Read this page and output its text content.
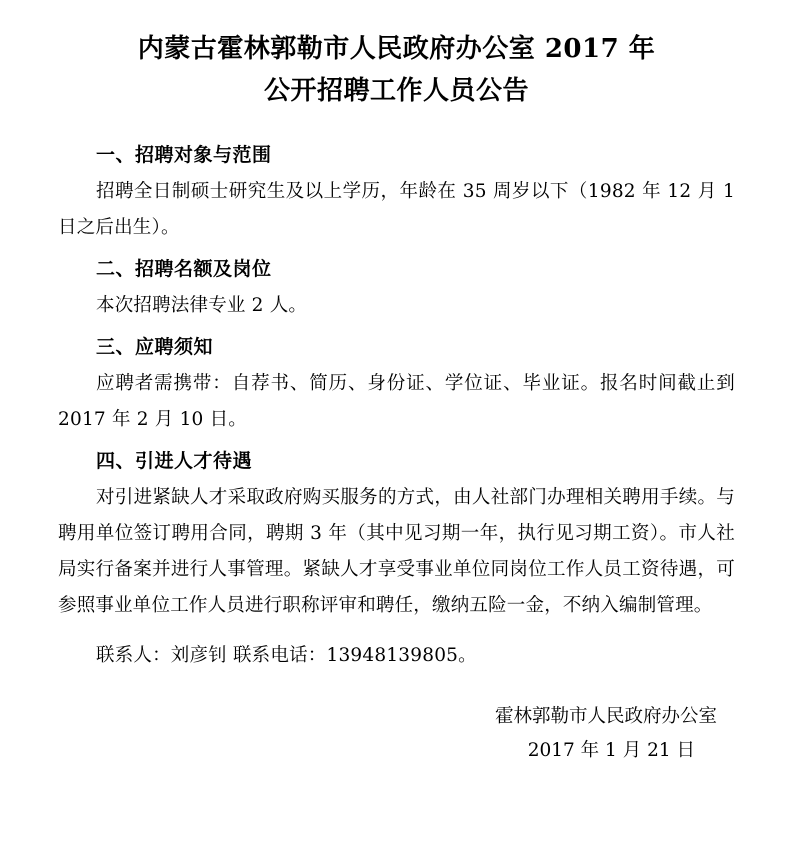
内蒙古霍林郭勒市人民政府办公室 2017 年
公开招聘工作人员公告
一、招聘对象与范围

招聘全日制硕士研究生及以上学历，年龄在 35 周岁以下（1982 年 12 月 1 日之后出生）。

二、招聘名额及岗位

本次招聘法律专业 2 人。

三、应聘须知

应聘者需携带：自荐书、简历、身份证、学位证、毕业证。报名时间截止到 2017 年 2 月 10 日。

四、引进人才待遇

对引进紧缺人才采取政府购买服务的方式，由人社部门办理相关聘用手续。与聘用单位签订聘用合同，聘期 3 年（其中见习期一年，执行见习期工资）。市人社局实行备案并进行人事管理。紧缺人才享受事业单位同岗位工作人员工资待遇，可参照事业单位工作人员进行职称评审和聘任，缴纳五险一金，不纳入编制管理。

联系人：刘彦钊 联系电话：13948139805。
霍林郭勒市人民政府办公室
2017 年 1 月 21 日
